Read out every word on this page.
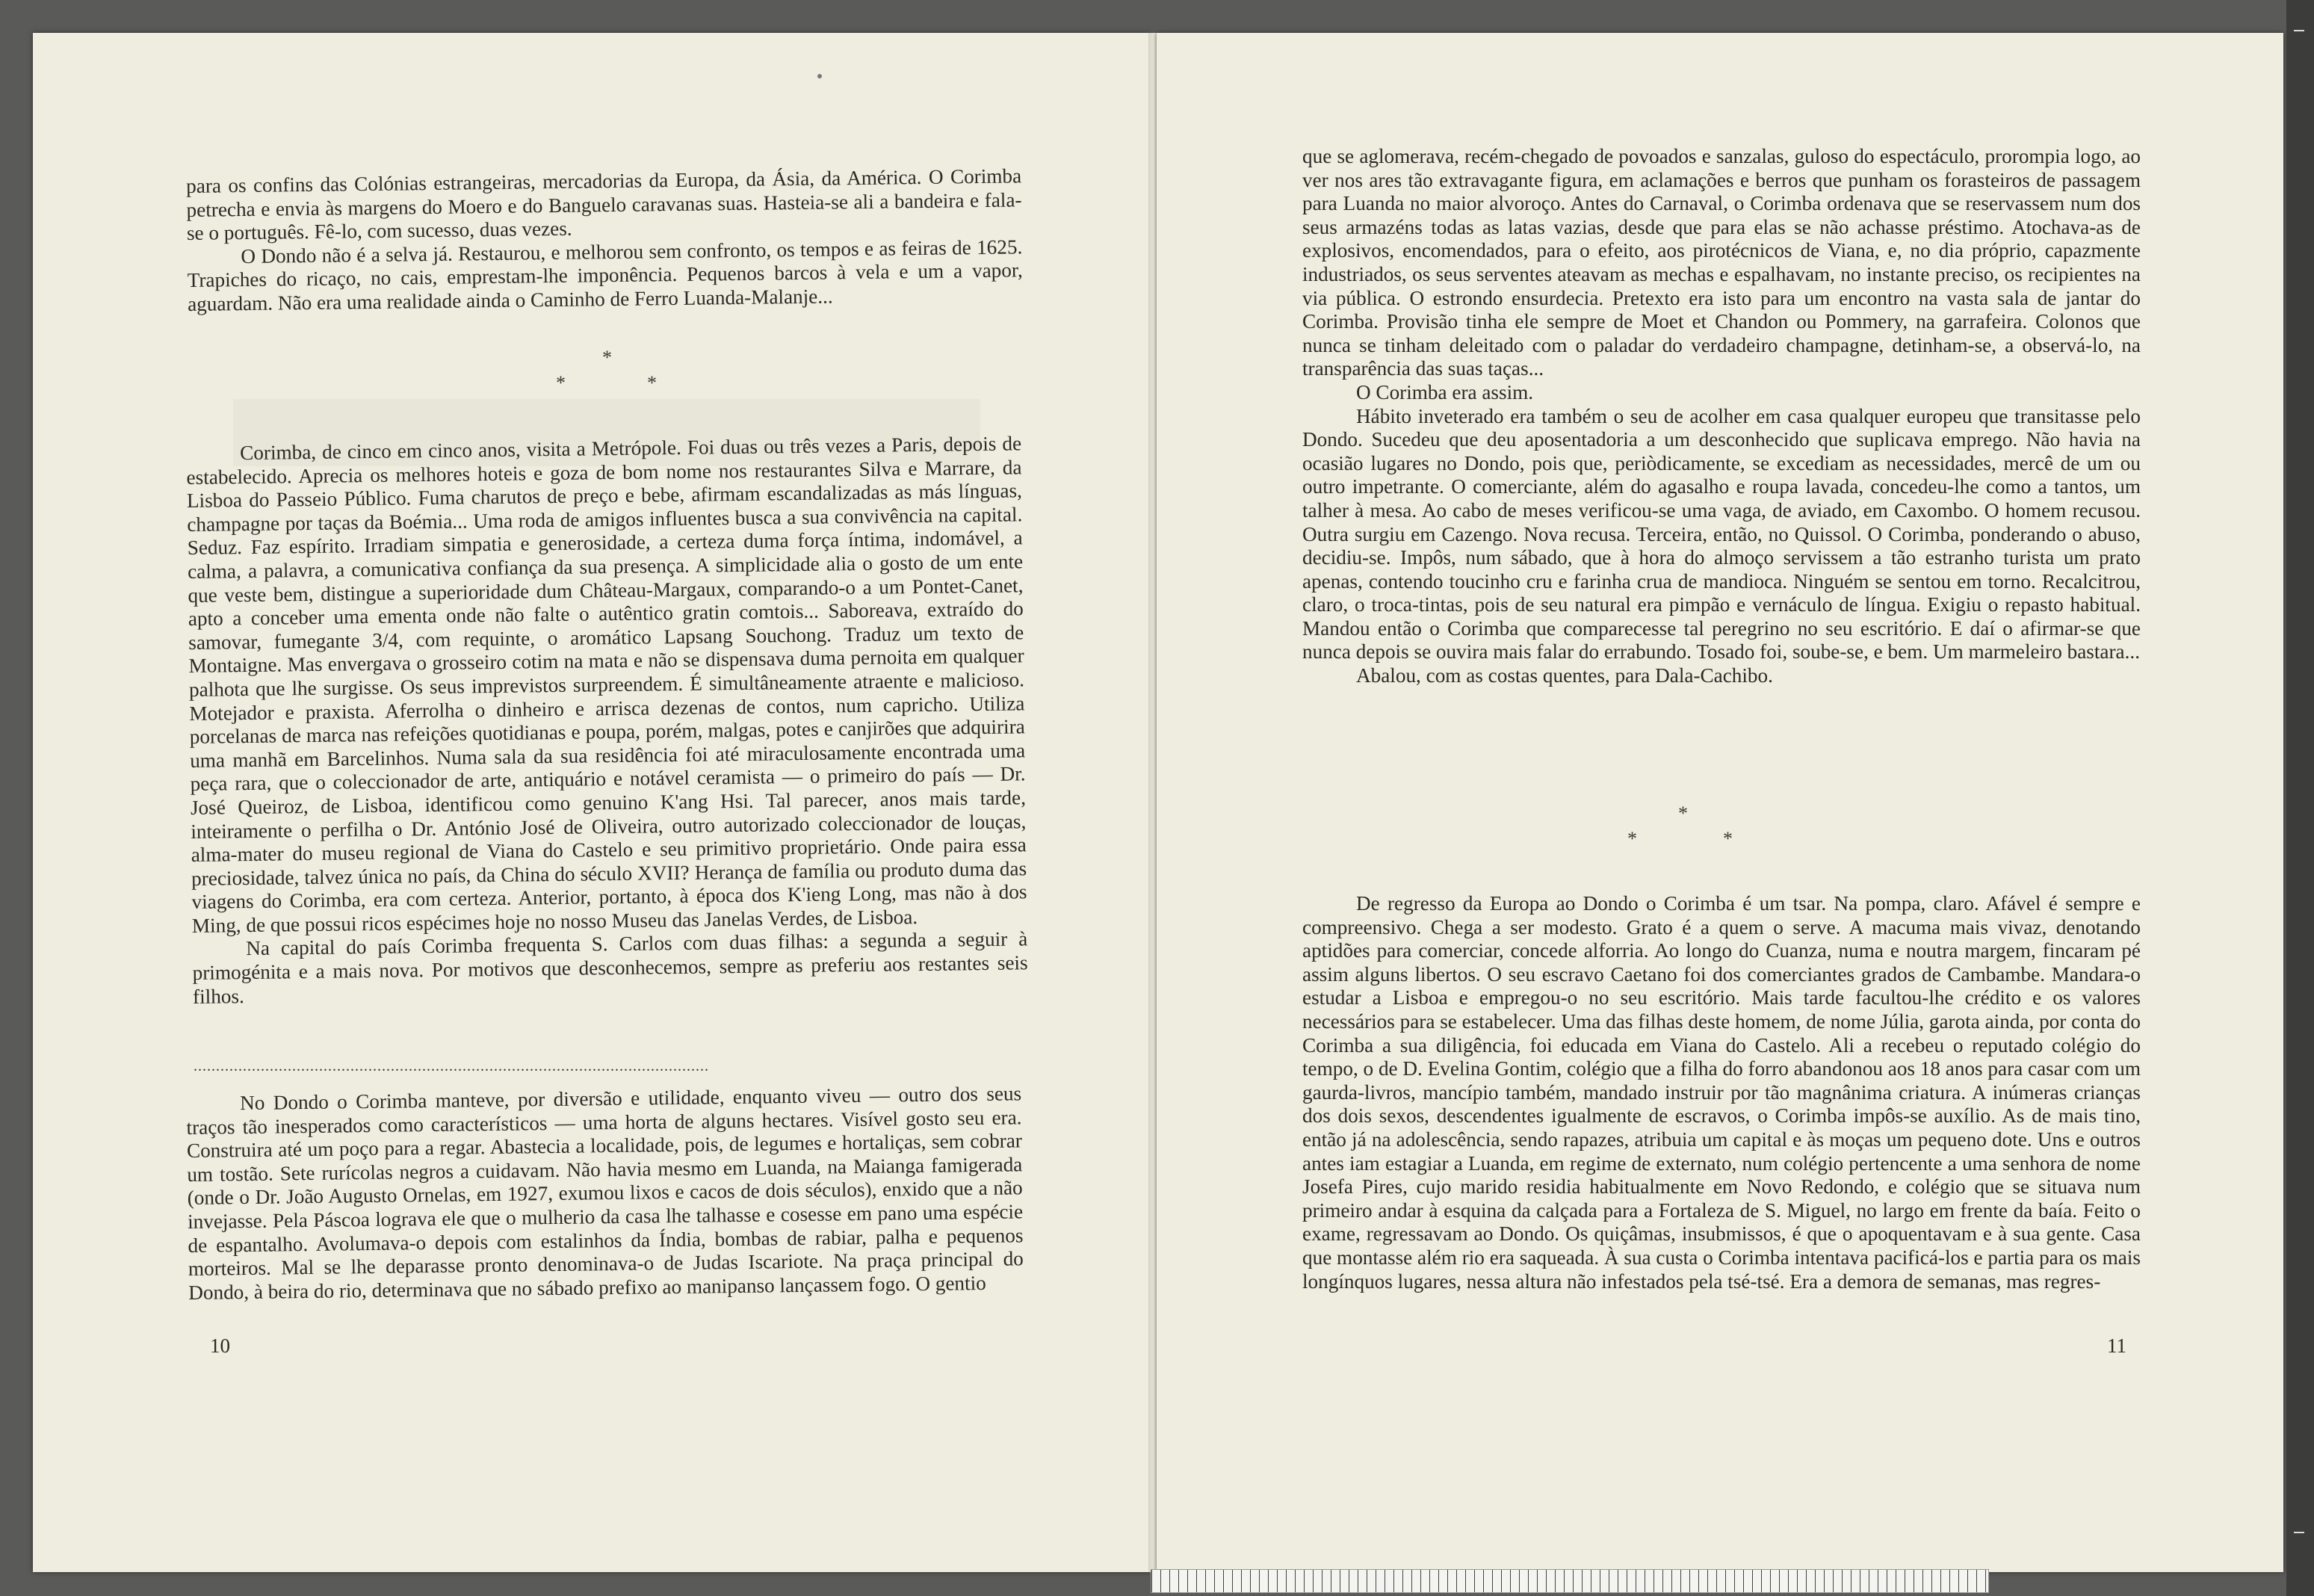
para os confins das Colónias estrangeiras, mercadorias da Europa, da Ásia, da América. O Corimba petrecha e envia às margens do Moero e do Banguelo caravanas suas. Hasteia-se ali a bandeira e fala-se o português. Fê-lo, com sucesso, duas vezes.

O Dondo não é a selva já. Restaurou, e melhorou sem confronto, os tempos e as feiras de 1625. Trapiches do ricaço, no cais, emprestam-lhe imponência. Pequenos barcos à vela e um a vapor, aguardam. Não era uma realidade ainda o Caminho de Ferro Luanda-Malanje...

*
*	*

Corimba, de cinco em cinco anos, visita a Metrópole. Foi duas ou três vezes a Paris, depois de estabelecido. Aprecia os melhores hoteis e goza de bom nome nos restaurantes Silva e Marrare, da Lisboa do Passeio Público. Fuma charutos de preço e bebe, afirmam escandalizadas as más línguas, champagne por taças da Boémia... Uma roda de amigos influentes busca a sua convivência na capital. Seduz. Faz espírito. Irradiam simpatia e generosidade, a certeza duma força íntima, indomável, a calma, a palavra, a comunicativa confiança da sua presença. A simplicidade alia o gosto de um ente que veste bem, distingue a superioridade dum Château-Margaux, comparando-o a um Pontet-Canet, apto a conceber uma ementa onde não falte o autêntico gratin comtois... Saboreava, extraído do samovar, fumegante 3/4, com requinte, o aromático Lapsang Souchong. Traduz um texto de Montaigne. Mas envergava o grosseiro cotim na mata e não se dispensava duma pernoita em qualquer palhota que lhe surgisse. Os seus imprevistos surpreendem. É simultâneamente atraente e malicioso. Motejador e praxista. Aferrolha o dinheiro e arrisca dezenas de contos, num capricho. Utiliza porcelanas de marca nas refeições quotidianas e poupa, porém, malgas, potes e canjirões que adquirira uma manhã em Barcelinhos. Numa sala da sua residência foi até miraculosamente encontrada uma peça rara, que o coleccionador de arte, antiquário e notável ceramista — o primeiro do país — Dr. José Queiroz, de Lisboa, identificou como genuino K'ang Hsi. Tal parecer, anos mais tarde, inteiramente o perfilha o Dr. António José de Oliveira, outro autorizado coleccionador de louças, alma-mater do museu regional de Viana do Castelo e seu primitivo proprietário. Onde paira essa preciosidade, talvez única no país, da China do século XVII? Herança de família ou produto duma das viagens do Corimba, era com certeza. Anterior, portanto, à época dos K'ieng Long, mas não à dos Ming, de que possui ricos espécimes hoje no nosso Museu das Janelas Verdes, de Lisboa.

Na capital do país Corimba frequenta S. Carlos com duas filhas: a segunda a seguir à primogénita e a mais nova. Por motivos que desconhecemos, sempre as preferiu aos restantes seis filhos.

...................................................................................................................

No Dondo o Corimba manteve, por diversão e utilidade, enquanto viveu — outro dos seus traços tão inesperados como característicos — uma horta de alguns hectares. Visível gosto seu era. Construira até um poço para a regar. Abastecia a localidade, pois, de legumes e hortaliças, sem cobrar um tostão. Sete rurícolas negros a cuidavam. Não havia mesmo em Luanda, na Maianga famigerada (onde o Dr. João Augusto Ornelas, em 1927, exumou lixos e cacos de dois séculos), enxido que a não invejasse. Pela Páscoa lograva ele que o mulherio da casa lhe talhasse e cosesse em pano uma espécie de espantalho. Avolumava-o depois com estalinhos da Índia, bombas de rabiar, palha e pequenos morteiros. Mal se lhe deparasse pronto denominava-o de Judas Iscariote. Na praça principal do Dondo, à beira do rio, determinava que no sábado prefixo ao manipanso lançassem fogo. O gentio

10

que se aglomerava, recém-chegado de povoados e sanzalas, guloso do espectáculo, prorompia logo, ao ver nos ares tão extravagante figura, em aclamações e berros que punham os forasteiros de passagem para Luanda no maior alvoroço. Antes do Carnaval, o Corimba ordenava que se reservassem num dos seus armazéns todas as latas vazias, desde que para elas se não achasse préstimo. Atochava-as de explosivos, encomendados, para o efeito, aos pirotécnicos de Viana, e, no dia próprio, capazmente industriados, os seus serventes ateavam as mechas e espalhavam, no instante preciso, os recipientes na via pública. O estrondo ensurdecia. Pretexto era isto para um encontro na vasta sala de jantar do Corimba. Provisão tinha ele sempre de Moet et Chandon ou Pommery, na garrafeira. Colonos que nunca se tinham deleitado com o paladar do verdadeiro champagne, detinham-se, a observá-lo, na transparência das suas taças...

O Corimba era assim.

Hábito inveterado era também o seu de acolher em casa qualquer europeu que transitasse pelo Dondo. Sucedeu que deu aposentadoria a um desconhecido que suplicava emprego. Não havia na ocasião lugares no Dondo, pois que, periòdicamente, se excediam as necessidades, mercê de um ou outro impetrante. O comerciante, além do agasalho e roupa lavada, concedeu-lhe como a tantos, um talher à mesa. Ao cabo de meses verificou-se uma vaga, de aviado, em Caxombo. O homem recusou. Outra surgiu em Cazengo. Nova recusa. Terceira, então, no Quissol. O Corimba, ponderando o abuso, decidiu-se. Impôs, num sábado, que à hora do almoço servissem a tão estranho turista um prato apenas, contendo toucinho cru e farinha crua de mandioca. Ninguém se sentou em torno. Recalcitrou, claro, o troca-tintas, pois de seu natural era pimpão e vernáculo de língua. Exigiu o repasto habitual. Mandou então o Corimba que comparecesse tal peregrino no seu escritório. E daí o afirmar-se que nunca depois se ouvira mais falar do errabundo. Tosado foi, soube-se, e bem. Um marmeleiro bastara...

Abalou, com as costas quentes, para Dala-Cachibo.

*
*	*

De regresso da Europa ao Dondo o Corimba é um tsar. Na pompa, claro. Afável é sempre e compreensivo. Chega a ser modesto. Grato é a quem o serve. A macuma mais vivaz, denotando aptidões para comerciar, concede alforria. Ao longo do Cuanza, numa e noutra margem, fincaram pé assim alguns libertos. O seu escravo Caetano foi dos comerciantes grados de Cambambe. Mandara-o estudar a Lisboa e empregou-o no seu escritório. Mais tarde facultou-lhe crédito e os valores necessários para se estabelecer. Uma das filhas deste homem, de nome Júlia, garota ainda, por conta do Corimba a sua diligência, foi educada em Viana do Castelo. Ali a recebeu o reputado colégio do tempo, o de D. Evelina Gontim, colégio que a filha do forro abandonou aos 18 anos para casar com um gaurda-livros, mancípio também, mandado instruir por tão magnânima criatura. A inúmeras crianças dos dois sexos, descendentes igualmente de escravos, o Corimba impôs-se auxílio. As de mais tino, então já na adolescência, sendo rapazes, atribuia um capital e às moças um pequeno dote. Uns e outros antes iam estagiar a Luanda, em regime de externato, num colégio pertencente a uma senhora de nome Josefa Pires, cujo marido residia habitualmente em Novo Redondo, e colégio que se situava num primeiro andar à esquina da calçada para a Fortaleza de S. Miguel, no largo em frente da baía. Feito o exame, regressavam ao Dondo. Os quiçâmas, insubmissos, é que o apoquentavam e à sua gente. Casa que montasse além rio era saqueada. À sua custa o Corimba intentava pacificá-los e partia para os mais longínquos lugares, nessa altura não infestados pela tsé-tsé. Era a demora de semanas, mas regres-

11
